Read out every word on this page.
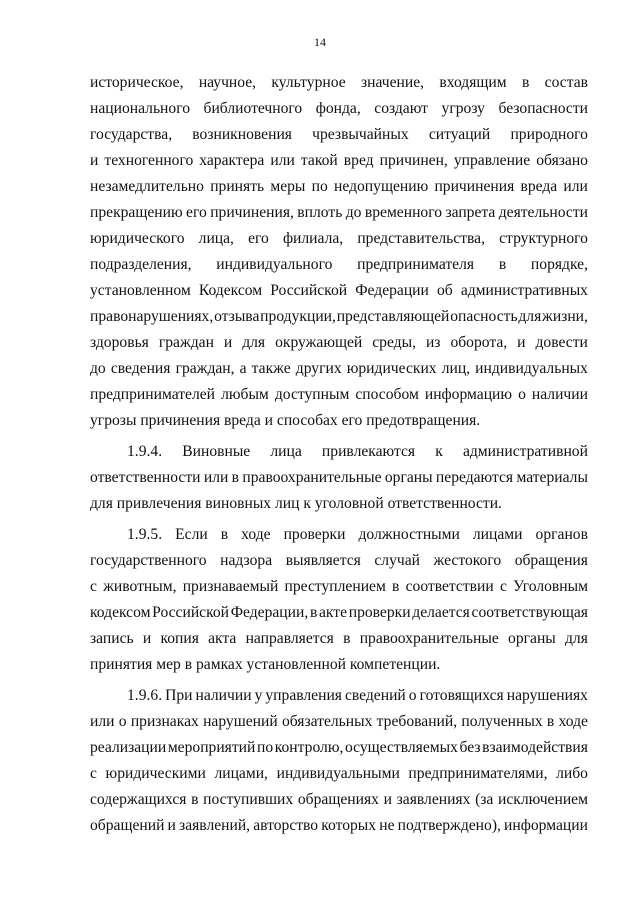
14
историческое, научное, культурное значение, входящим в состав
национального библиотечного фонда, создают угрозу безопасности
государства, возникновения чрезвычайных ситуаций природного
и техногенного характера или такой вред причинен, управление обязано
незамедлительно принять меры по недопущению причинения вреда или
прекращению его причинения, вплоть до временного запрета деятельности
юридического лица, его филиала, представительства, структурного
подразделения, индивидуального предпринимателя в порядке,
установленном Кодексом Российской Федерации об административных
правонарушениях, отзыва продукции, представляющей опасность для жизни,
здоровья граждан и для окружающей среды, из оборота, и довести
до сведения граждан, а также других юридических лиц, индивидуальных
предпринимателей любым доступным способом информацию о наличии
угрозы причинения вреда и способах его предотвращения.
1.9.4. Виновные лица привлекаются к административной
ответственности или в правоохранительные органы передаются материалы
для привлечения виновных лиц к уголовной ответственности.
1.9.5. Если в ходе проверки должностными лицами органов
государственного надзора выявляется случай жестокого обращения
с животным, признаваемый преступлением в соответствии с Уголовным
кодексом Российской Федерации, в акте проверки делается соответствующая
запись и копия акта направляется в правоохранительные органы для
принятия мер в рамках установленной компетенции.
1.9.6. При наличии у управления сведений о готовящихся нарушениях
или о признаках нарушений обязательных требований, полученных в ходе
реализации мероприятий по контролю, осуществляемых без взаимодействия
с юридическими лицами, индивидуальными предпринимателями, либо
содержащихся в поступивших обращениях и заявлениях (за исключением
обращений и заявлений, авторство которых не подтверждено), информации
